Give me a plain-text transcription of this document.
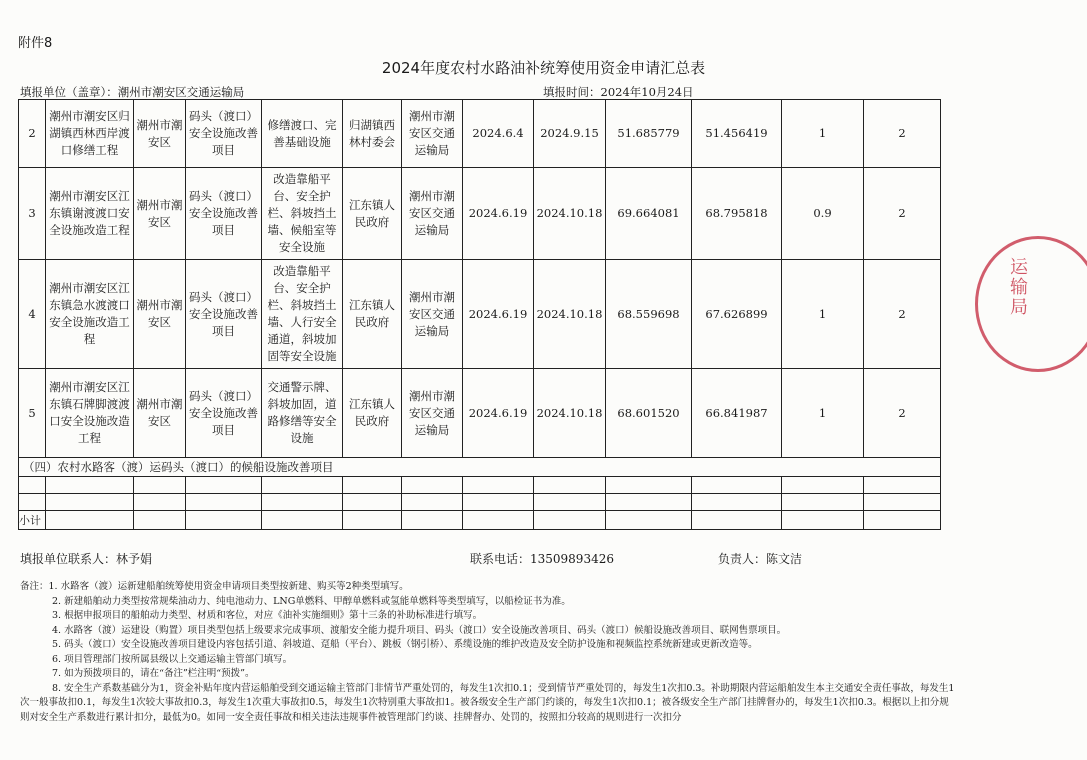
附件8
2024年度农村水路油补统筹使用资金申请汇总表
填报单位（盖章）：潮州市潮安区交通运输局	填报时间：2024年10月24日
2	潮州市潮安区归湖镇西林西岸渡口修缮工程	潮州市潮安区	码头（渡口）安全设施改善项目	修缮渡口、完善基础设施	归湖镇西林村委会	潮州市潮安区交通运输局	2024.6.4	2024.9.15	51.685779	51.456419	1	2
3	潮州市潮安区江东镇谢渡渡口安全设施改造工程	潮州市潮安区	码头（渡口）安全设施改善项目	改造靠船平台、安全护栏、斜坡挡土墙、候船室等安全设施	江东镇人民政府	潮州市潮安区交通运输局	2024.6.19	2024.10.18	69.664081	68.795818	0.9	2
4	潮州市潮安区江东镇急水渡渡口安全设施改造工程	潮州市潮安区	码头（渡口）安全设施改善项目	改造靠船平台、安全护栏、斜坡挡土墙、人行安全通道，斜坡加固等安全设施	江东镇人民政府	潮州市潮安区交通运输局	2024.6.19	2024.10.18	68.559698	67.626899	1	2
5	潮州市潮安区江东镇石牌脚渡渡口安全设施改造工程	潮州市潮安区	码头（渡口）安全设施改善项目	交通警示牌、斜坡加固，道路修缮等安全设施	江东镇人民政府	潮州市潮安区交通运输局	2024.6.19	2024.10.18	68.601520	66.841987	1	2
（四）农村水路客（渡）运码头（渡口）的候船设施改善项目												

小计												
运输局
填报单位联系人：林予娟	联系电话：13509893426	负责人：陈文洁
备注：1. 水路客（渡）运新建船舶统筹使用资金申请项目类型按新建、购买等2种类型填写。
2. 新建船舶动力类型按常规柴油动力、纯电池动力、LNG单燃料、甲醇单燃料或氢能单燃料等类型填写，以船检证书为准。
3. 根据申报项目的船舶动力类型、材质和客位，对应《油补实施细则》第十三条的补助标准进行填写。
4. 水路客（渡）运建设（购置）项目类型包括上级要求完成事项、渡船安全能力提升项目、码头（渡口）安全设施改善项目、码头（渡口）候船设施改善项目、联网售票项目。
5. 码头（渡口）安全设施改善项目建设内容包括引道、斜坡道、趸船（平台）、跳板（钢引桥）、系缆设施的维护改造及安全防护设施和视频监控系统新建或更新改造等。
6. 项目管理部门按所属县级以上交通运输主管部门填写。
7. 如为预拨项目的，请在“备注”栏注明“预拨”。
8. 安全生产系数基础分为1，资金补贴年度内营运船舶受到交通运输主管部门非情节严重处罚的，每发生1次扣0.1；受到情节严重处罚的，每发生1次扣0.3。补助期限内营运船舶发生本主交通安全责任事故，每发生1
次一般事故扣0.1，每发生1次较大事故扣0.3，每发生1次重大事故扣0.5，每发生1次特别重大事故扣1。被各级安全生产部门约谈的，每发生1次扣0.1；被各级安全生产部门挂牌督办的，每发生1次扣0.3。根据以上扣分规
则对安全生产系数进行累计扣分，最低为0。如同一安全责任事故和相关违法违规事件被管理部门约谈、挂牌督办、处罚的，按照扣分较高的规则进行一次扣分
